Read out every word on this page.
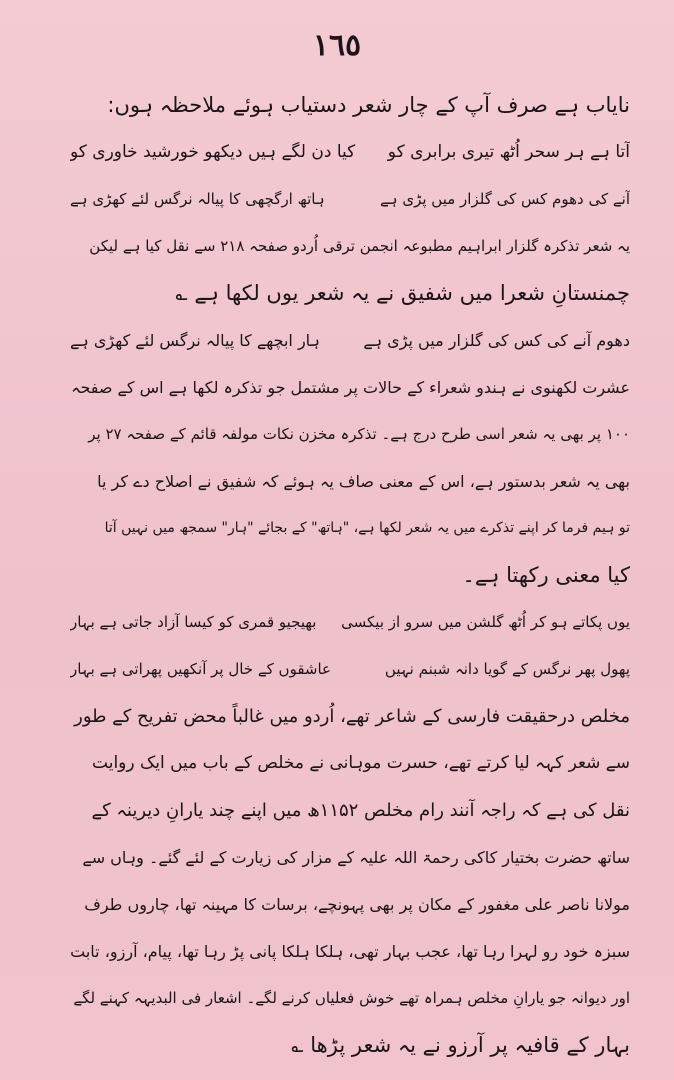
١٦٥
نایاب ہے صرف آپ کے چار شعر دستیاب ہوئے ملاحظہ ہوں:
آتا ہے ہر سحر اُٹھ تیری برابری کو
کیا دن لگے ہیں دیکھو خورشید خاوری کو
آنے کی دھوم کس کی گلزار میں پڑی ہے
ہاتھ ارگچھی کا پیالہ نرگس لئے کھڑی ہے
یہ شعر تذکرہ گلزار ابراہیم مطبوعہ انجمن ترقی اُردو صفحہ ۲۱۸ سے نقل کیا ہے لیکن
چمنستانِ شعرا میں شفیق نے یہ شعر یوں لکھا ہے ؎
دھوم آنے کی کس کی گلزار میں پڑی ہے
ہار ابچھے کا پیالہ نرگس لئے کھڑی ہے
عشرت لکھنوی نے ہندو شعراء کے حالات پر مشتمل جو تذکرہ لکھا ہے اس کے صفحہ
۱۰۰ پر بھی یہ شعر اسی طرح درج ہے۔ تذکرہ مخزن نکات مولفہ قائم کے صفحہ ۲۷ پر
بھی یہ شعر بدستور ہے، اس کے معنی صاف یہ ہوئے کہ شفیق نے اصلاح دے کر یا
تو ہیم فرما کر اپنے تذکرے میں یہ شعر لکھا ہے، "ہاتھ" کے بجائے "ہار" سمجھ میں نہیں آتا
کیا معنی رکھتا ہے۔
یوں پکاتے ہو کر اُٹھ گلشن میں سرو از بیکسی
بھیجیو قمری کو کیسا آزاد جاتی ہے بہار
پھول پھر نرگس کے گویا دانہ شبنم نہیں
عاشقوں کے خال پر آنکھیں پھراتی ہے بہار
مخلص درحقیقت فارسی کے شاعر تھے، اُردو میں غالباً محض تفریح کے طور
سے شعر کہہ لیا کرتے تھے، حسرت موہانی نے مخلص کے باب میں ایک روایت
نقل کی ہے کہ راجہ آنند رام مخلص ۱۱۵۲ھ میں اپنے چند یارانِ دیرینہ کے
ساتھ حضرت بختیار کاکی رحمۃ اللہ علیہ کے مزار کی زیارت کے لئے گئے۔ وہاں سے
مولانا ناصر علی مغفور کے مکان پر بھی پہونچے، برسات کا مہینہ تھا، چاروں طرف
سبزہ خود رو لہرا رہا تھا، عجب بہار تھی، ہلکا ہلکا پانی پڑ رہا تھا، پیام، آرزو، تابت
اور دیوانہ جو یارانِ مخلص ہمراہ تھے خوش فعلیاں کرنے لگے۔ اشعار فی البدیہہ کہنے لگے
بہار کے قافیہ پر آرزو نے یہ شعر پڑھا ؎
